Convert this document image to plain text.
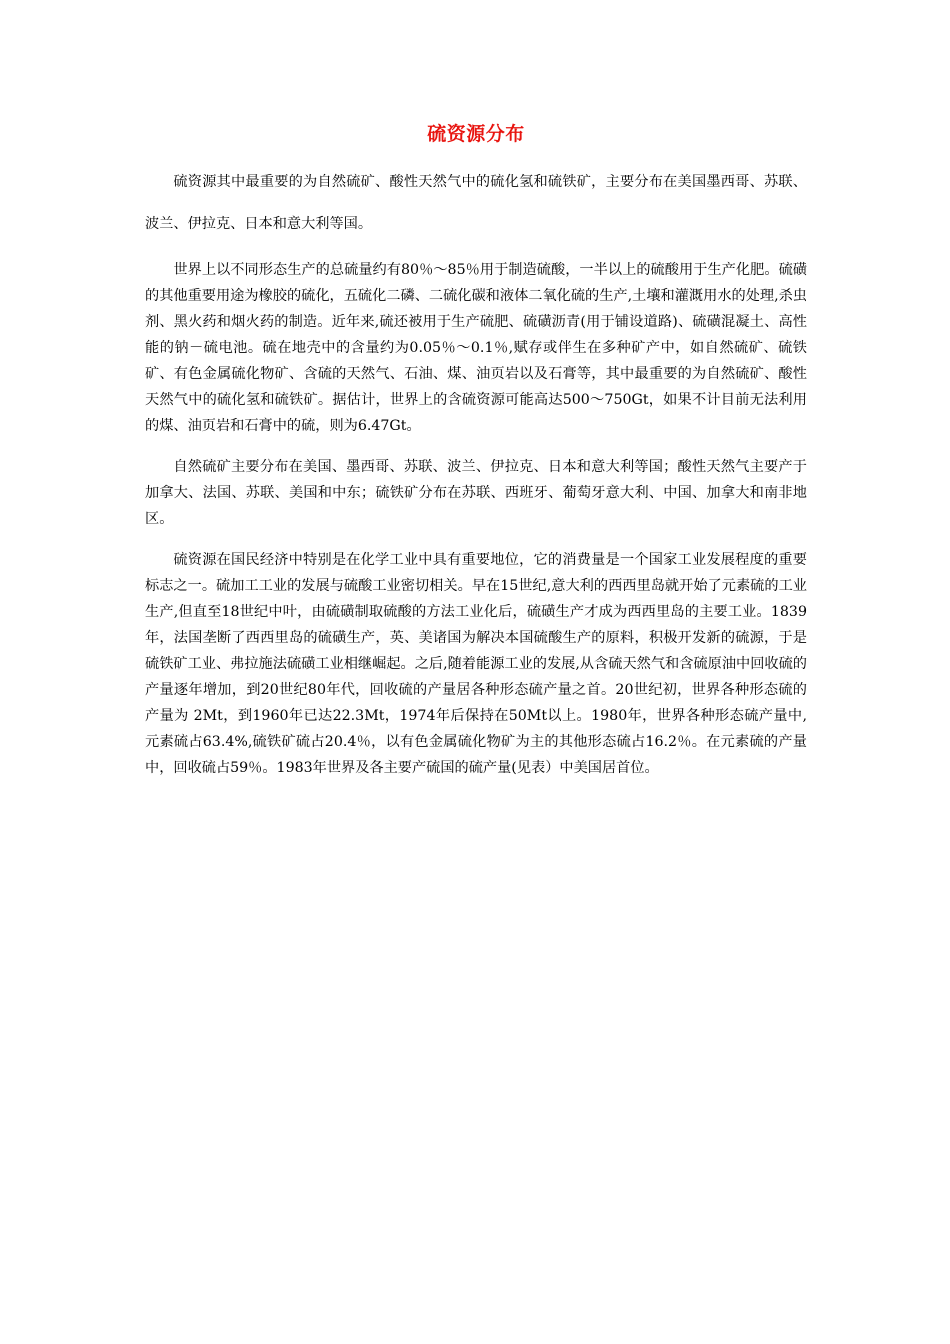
硫资源分布

硫资源其中最重要的为自然硫矿、酸性天然气中的硫化氢和硫铁矿，主要分布在美国墨西哥、苏联、波兰、伊拉克、日本和意大利等国。

世界上以不同形态生产的总硫量约有80％～85％用于制造硫酸，一半以上的硫酸用于生产化肥。硫磺的其他重要用途为橡胶的硫化，五硫化二磷、二硫化碳和液体二氧化硫的生产,土壤和灌溉用水的处理,杀虫剂、黑火药和烟火药的制造。近年来,硫还被用于生产硫肥、硫磺沥青(用于铺设道路)、硫磺混凝土、高性能的钠－硫电池。硫在地壳中的含量约为0.05％～0.1％,赋存或伴生在多种矿产中，如自然硫矿、硫铁矿、有色金属硫化物矿、含硫的天然气、石油、煤、油页岩以及石膏等，其中最重要的为自然硫矿、酸性天然气中的硫化氢和硫铁矿。据估计，世界上的含硫资源可能高达500～750Gt，如果不计目前无法利用的煤、油页岩和石膏中的硫，则为6.47Gt。

自然硫矿主要分布在美国、墨西哥、苏联、波兰、伊拉克、日本和意大利等国；酸性天然气主要产于加拿大、法国、苏联、美国和中东；硫铁矿分布在苏联、西班牙、葡萄牙意大利、中国、加拿大和南非地区。

硫资源在国民经济中特别是在化学工业中具有重要地位，它的消费量是一个国家工业发展程度的重要标志之一。硫加工工业的发展与硫酸工业密切相关。早在15世纪,意大利的西西里岛就开始了元素硫的工业生产,但直至18世纪中叶，由硫磺制取硫酸的方法工业化后，硫磺生产才成为西西里岛的主要工业。1839年，法国垄断了西西里岛的硫磺生产，英、美诸国为解决本国硫酸生产的原料，积极开发新的硫源，于是硫铁矿工业、弗拉施法硫磺工业相继崛起。之后,随着能源工业的发展,从含硫天然气和含硫原油中回收硫的产量逐年增加，到20世纪80年代，回收硫的产量居各种形态硫产量之首。20世纪初，世界各种形态硫的产量为 2Mt，到1960年已达22.3Mt，1974年后保持在50Mt以上。1980年，世界各种形态硫产量中,元素硫占63.4%,硫铁矿硫占20.4％，以有色金属硫化物矿为主的其他形态硫占16.2％。在元素硫的产量中，回收硫占59％。1983年世界及各主要产硫国的硫产量(见表）中美国居首位。
